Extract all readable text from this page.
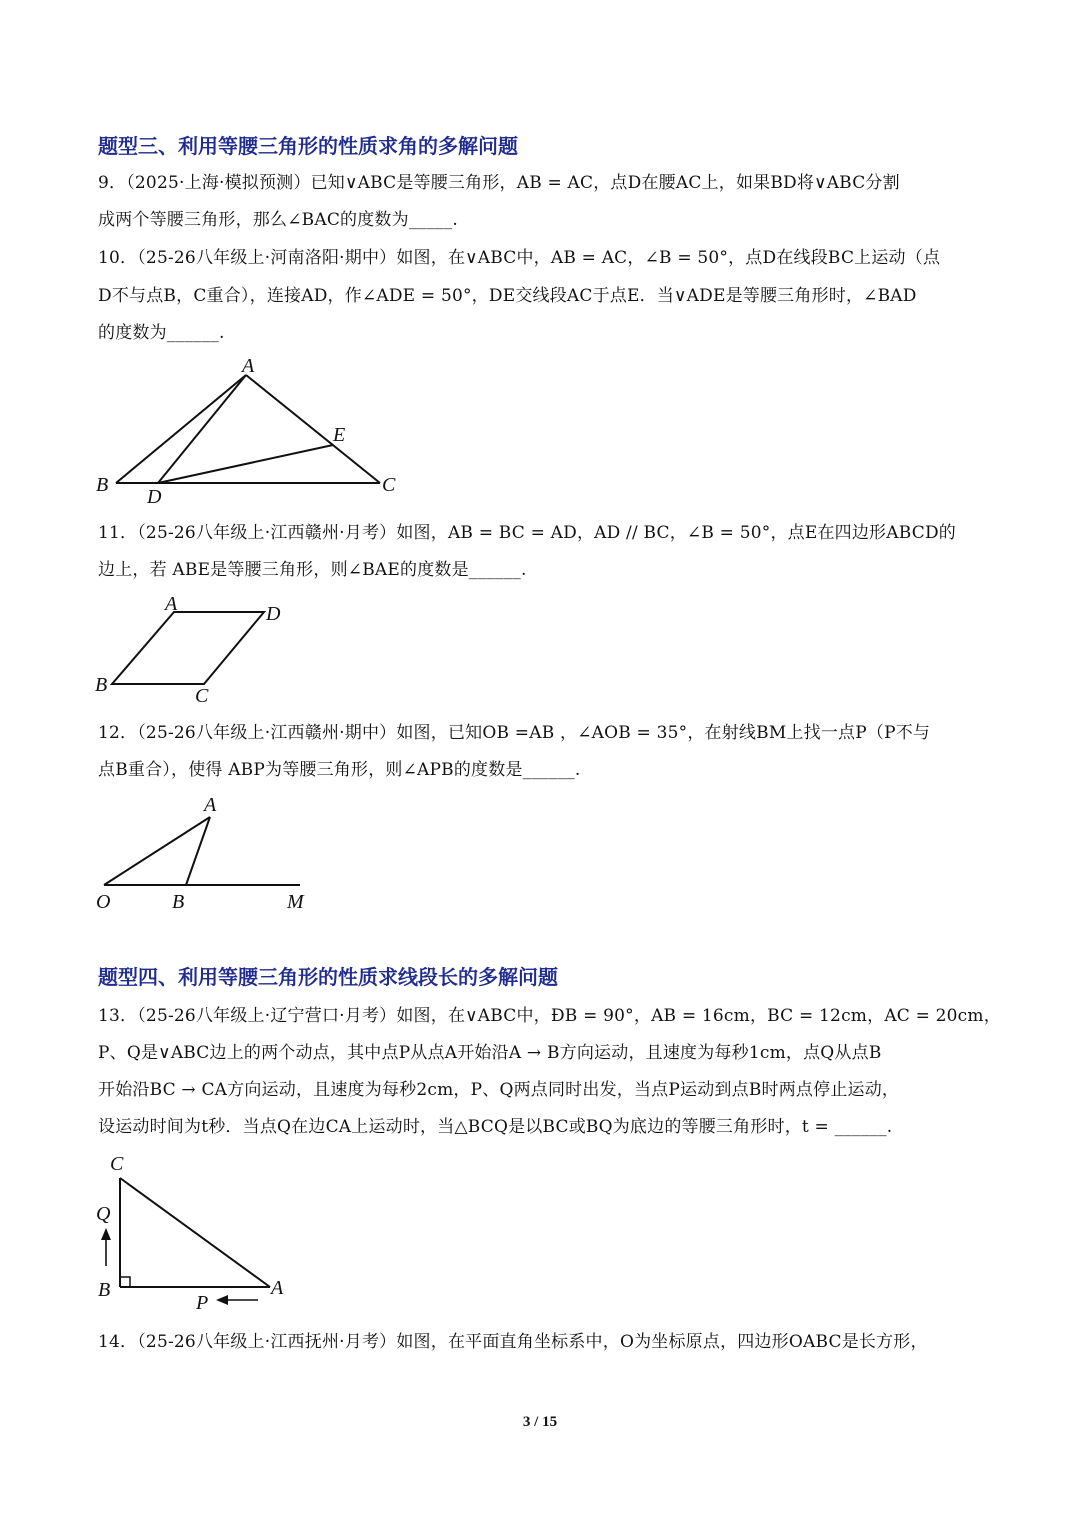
题型三、利用等腰三角形的性质求角的多解问题
9．（2025·上海·模拟预测）已知∨ABC是等腰三角形，AB = AC，点D在腰AC上，如果BD将∨ABC分割
成两个等腰三角形，那么∠BAC的度数为_____.
10．（25-26八年级上·河南洛阳·期中）如图，在∨ABC中，AB = AC，∠B = 50°，点D在线段BC上运动（点
D不与点B，C重合），连接AD，作∠ADE = 50°，DE交线段AC于点E．当∨ADE是等腰三角形时，∠BAD
的度数为______.
A
B	C
D
E
11．（25-26八年级上·江西赣州·月考）如图，AB = BC = AD，AD // BC，∠B = 50°，点E在四边形ABCD的
边上，若 ABE是等腰三角形，则∠BAE的度数是______.
A	D
B	C
12．（25-26八年级上·江西赣州·期中）如图，已知OB =AB ，∠AOB = 35°，在射线BM上找一点P（P不与
点B重合），使得 ABP为等腰三角形，则∠APB的度数是______.
A
O	B	M
题型四、利用等腰三角形的性质求线段长的多解问题
13．（25-26八年级上·辽宁营口·月考）如图，在∨ABC中，ÐB = 90°，AB = 16cm，BC = 12cm，AC = 20cm，
P、Q是∨ABC边上的两个动点，其中点P从点A开始沿A → B方向运动，且速度为每秒1cm，点Q从点B
开始沿BC → CA方向运动，且速度为每秒2cm，P、Q两点同时出发，当点P运动到点B时两点停止运动，
设运动时间为t秒．当点Q在边CA上运动时，当△BCQ是以BC或BQ为底边的等腰三角形时，t = ______.
C
Q
B	A
P
14．（25-26八年级上·江西抚州·月考）如图，在平面直角坐标系中，O为坐标原点，四边形OABC是长方形，
3 / 15
